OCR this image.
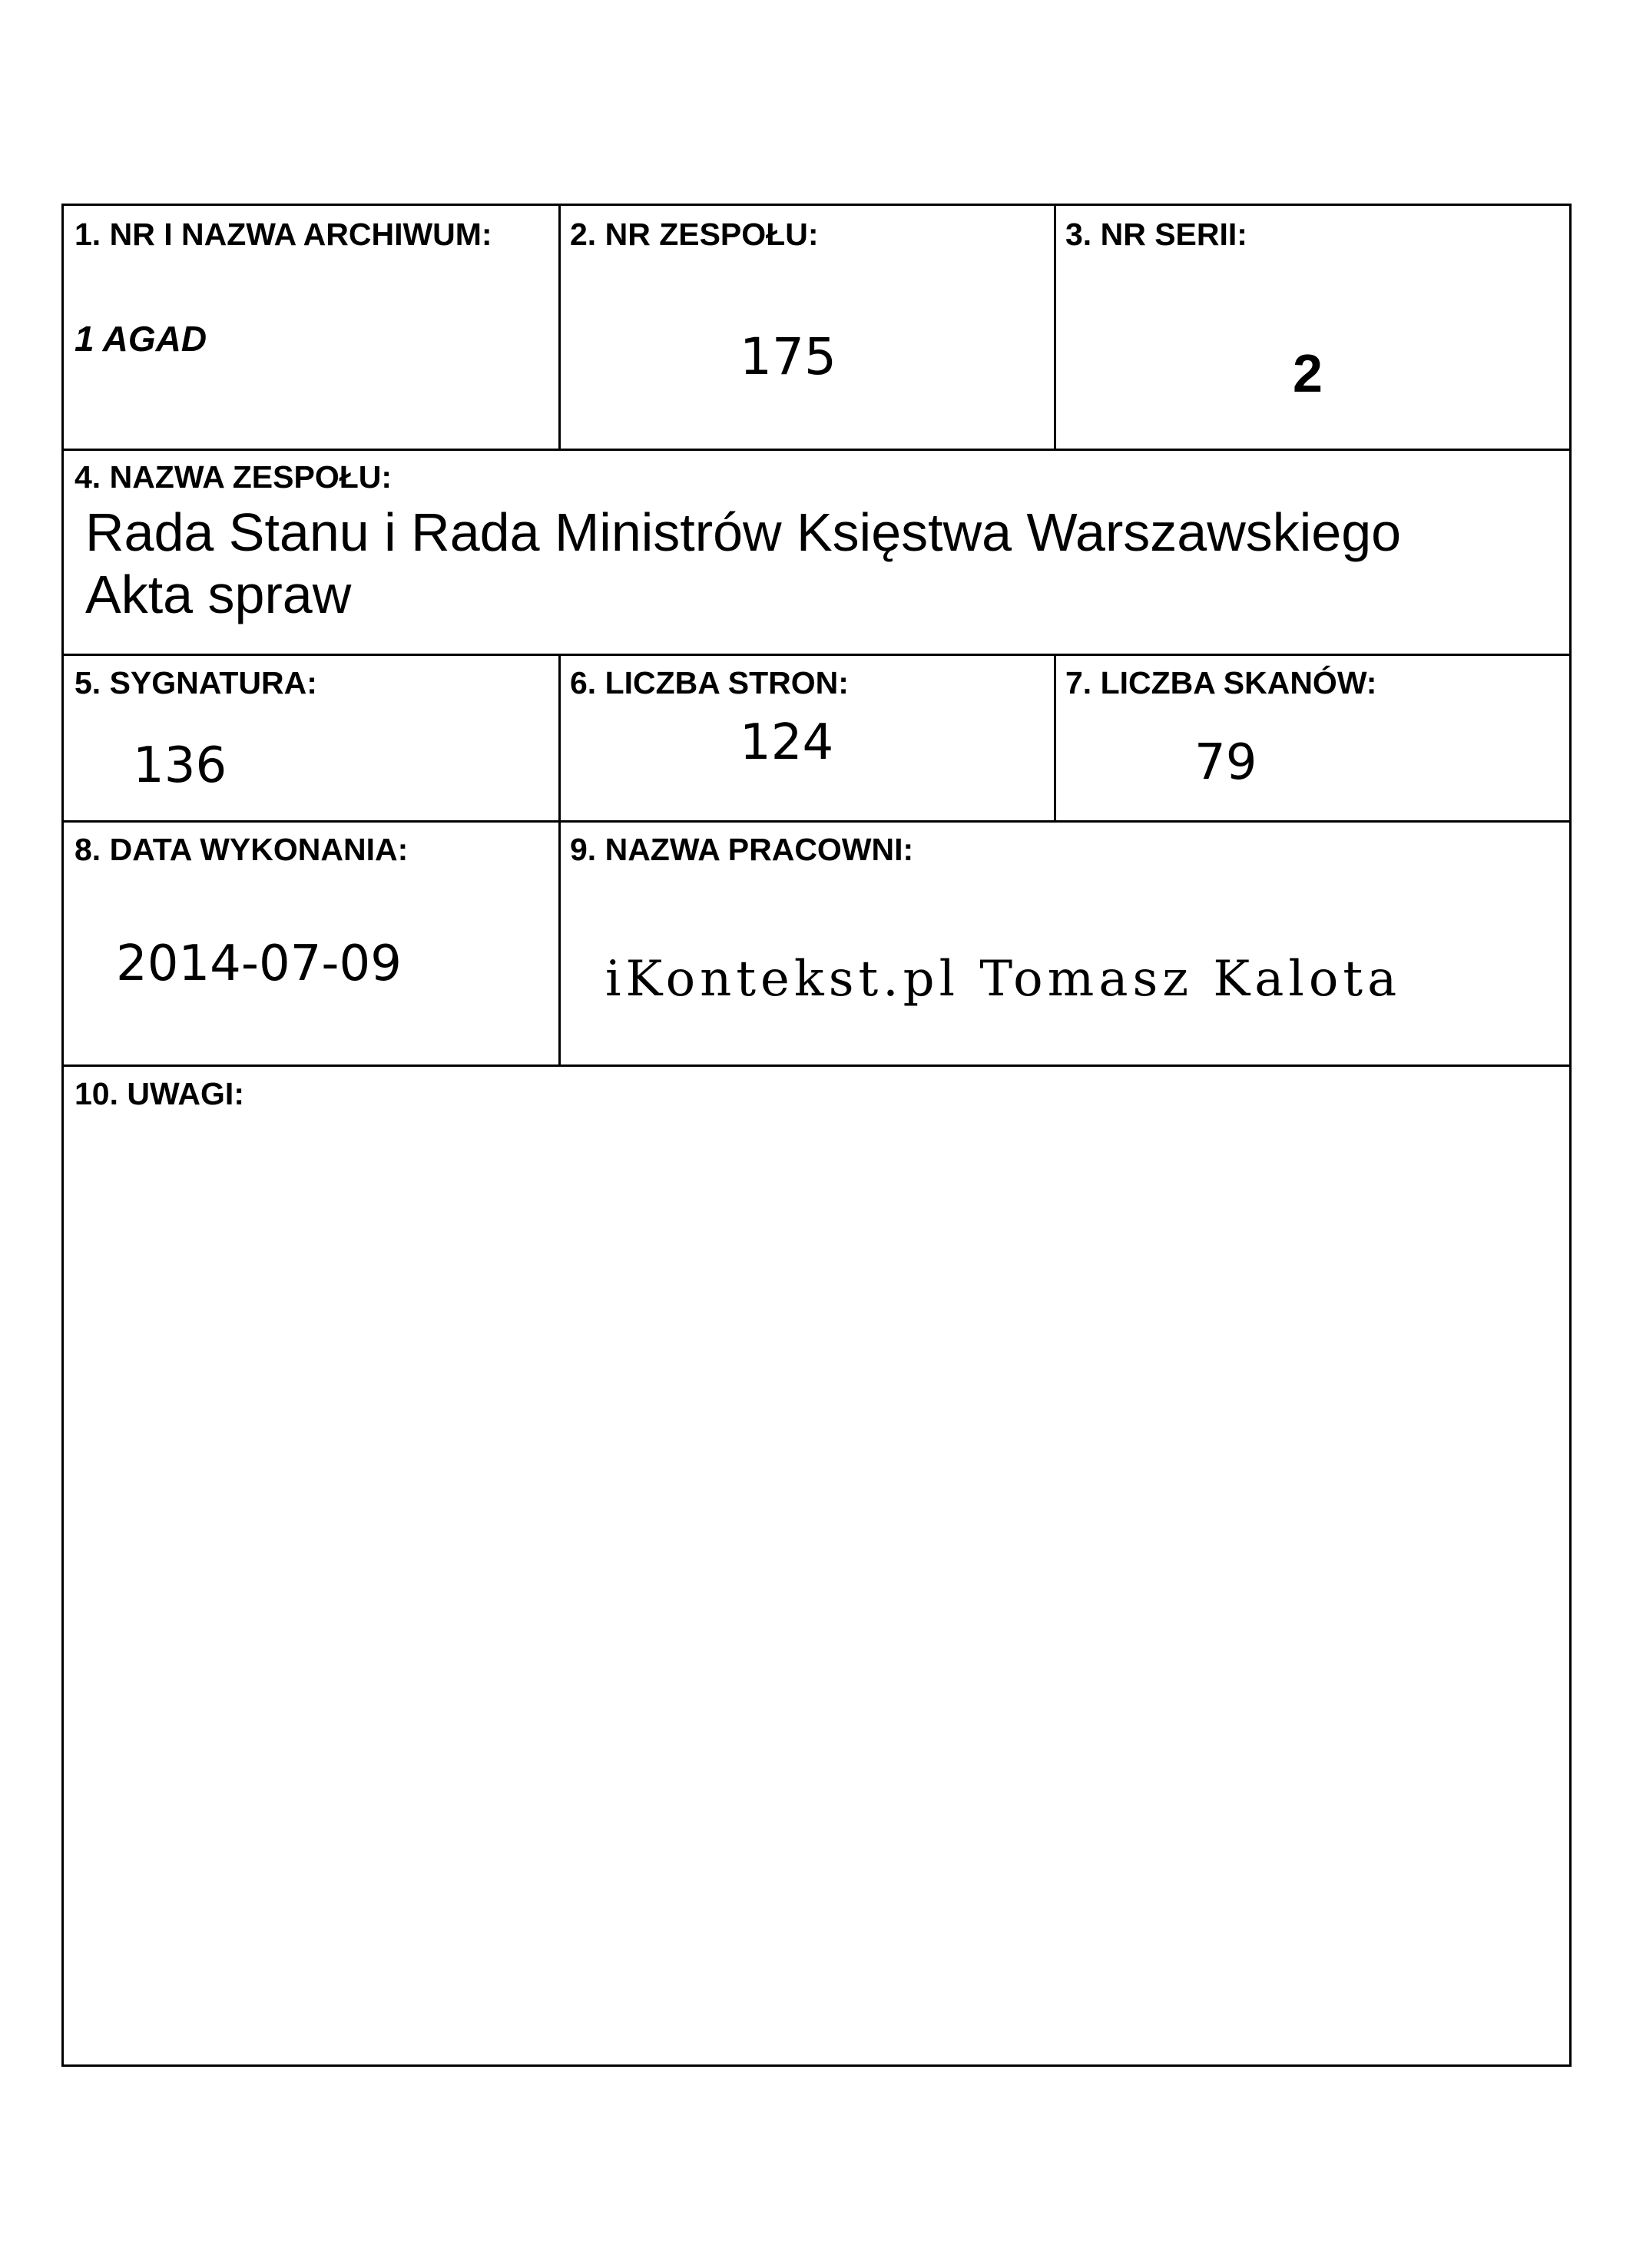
1. NR I NAZWA ARCHIWUM:
1 AGAD
2. NR ZESPOŁU:
175
3. NR SERII:
2
4. NAZWA ZESPOŁU:
Rada Stanu i Rada Ministrów Księstwa Warszawskiego
Akta spraw
5. SYGNATURA:
136
6. LICZBA STRON:
124
7. LICZBA SKANÓW:
79
8. DATA WYKONANIA:
2014-07-09
9. NAZWA PRACOWNI:
iKontekst.pl Tomasz Kalota
10. UWAGI:
